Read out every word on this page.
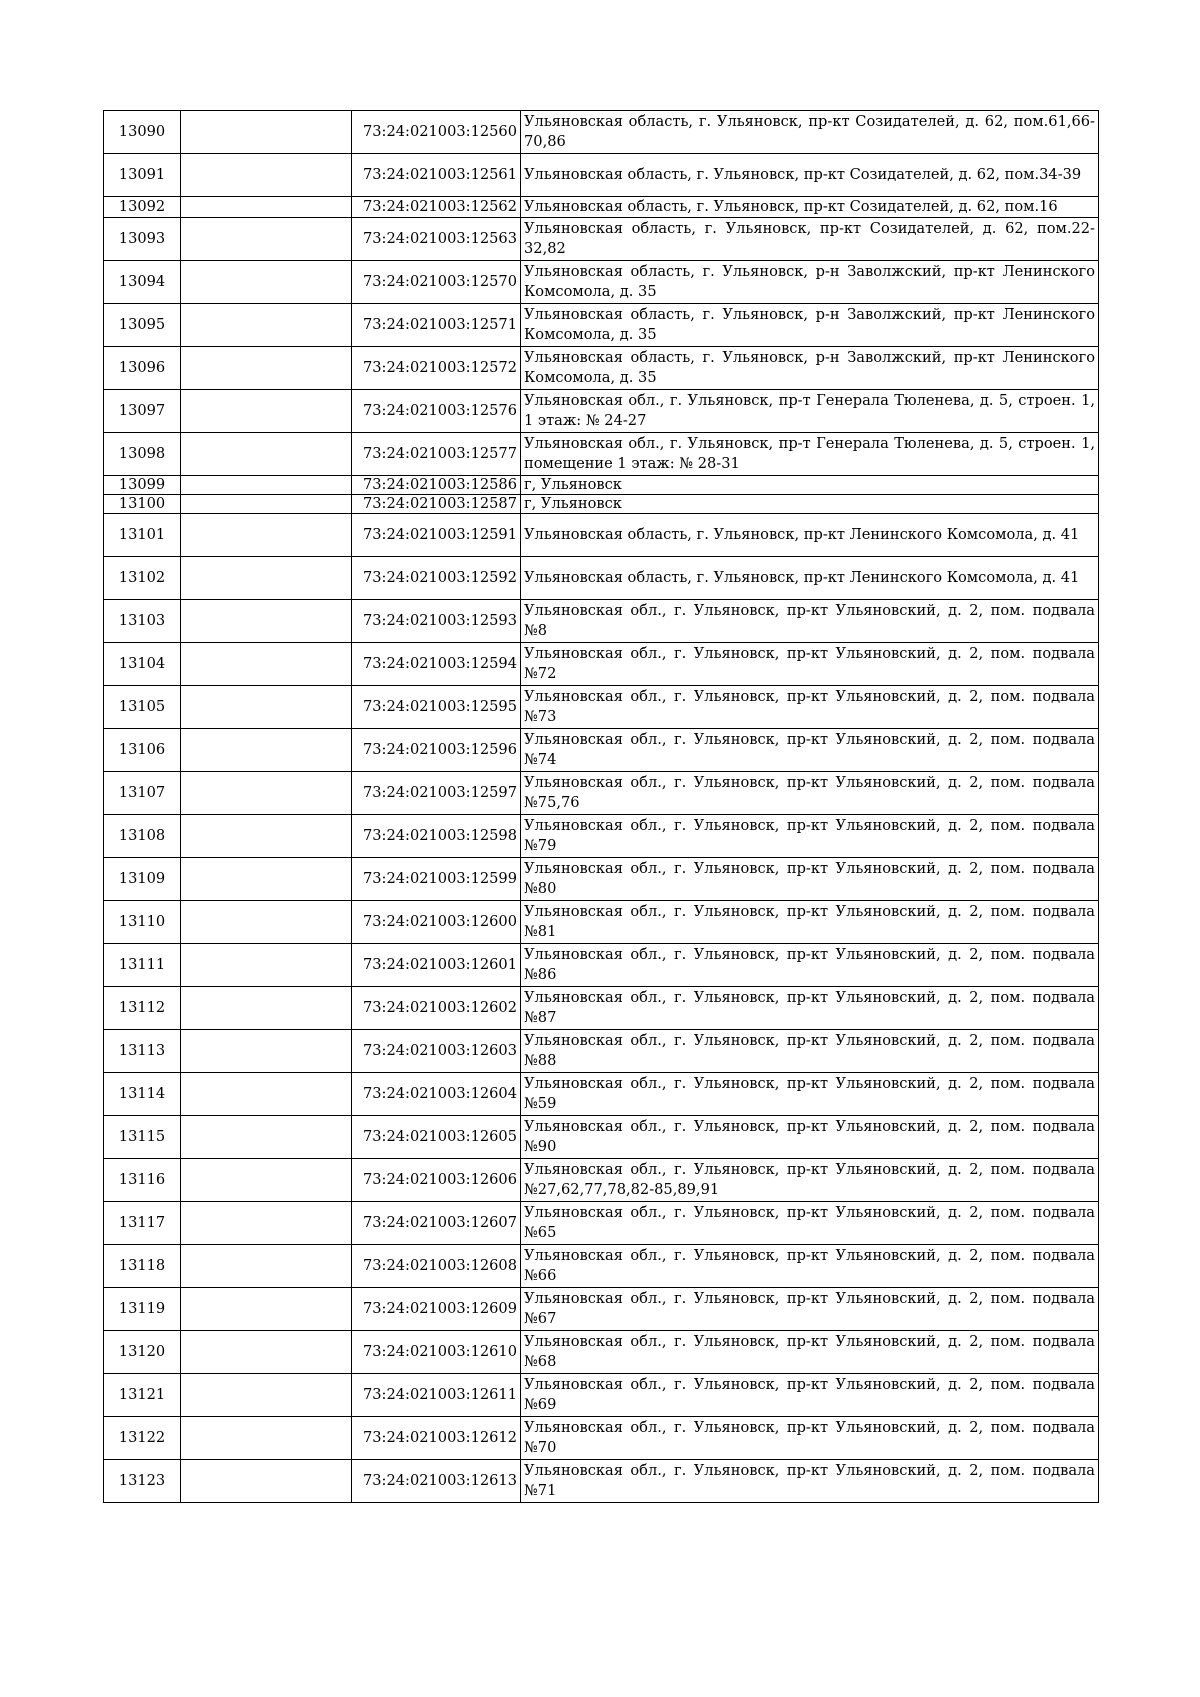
13090		73:24:021003:12560	Ульяновская область, г. Ульяновск, пр-кт Созидателей, д. 62, пом.61,66-70,86
13091		73:24:021003:12561	Ульяновская область, г. Ульяновск, пр-кт Созидателей, д. 62, пом.34-39
13092		73:24:021003:12562	Ульяновская область, г. Ульяновск, пр-кт Созидателей, д. 62, пом.16
13093		73:24:021003:12563	Ульяновская область, г. Ульяновск, пр-кт Созидателей, д. 62, пом.22-32,82
13094		73:24:021003:12570	Ульяновская область, г. Ульяновск, р-н Заволжский, пр-кт Ленинского Комсомола, д. 35
13095		73:24:021003:12571	Ульяновская область, г. Ульяновск, р-н Заволжский, пр-кт Ленинского Комсомола, д. 35
13096		73:24:021003:12572	Ульяновская область, г. Ульяновск, р-н Заволжский, пр-кт Ленинского Комсомола, д. 35
13097		73:24:021003:12576	Ульяновская обл., г. Ульяновск, пр-т Генерала Тюленева, д. 5, строен. 1, 1 этаж: № 24-27
13098		73:24:021003:12577	Ульяновская обл., г. Ульяновск, пр-т Генерала Тюленева, д. 5, строен. 1, помещение 1 этаж: № 28-31
13099		73:24:021003:12586	г, Ульяновск
13100		73:24:021003:12587	г, Ульяновск
13101		73:24:021003:12591	Ульяновская область, г. Ульяновск, пр-кт Ленинского Комсомола, д. 41
13102		73:24:021003:12592	Ульяновская область, г. Ульяновск, пр-кт Ленинского Комсомола, д. 41
13103		73:24:021003:12593	Ульяновская обл., г. Ульяновск, пр-кт Ульяновский, д. 2, пом. подвала №8
13104		73:24:021003:12594	Ульяновская обл., г. Ульяновск, пр-кт Ульяновский, д. 2, пом. подвала №72
13105		73:24:021003:12595	Ульяновская обл., г. Ульяновск, пр-кт Ульяновский, д. 2, пом. подвала №73
13106		73:24:021003:12596	Ульяновская обл., г. Ульяновск, пр-кт Ульяновский, д. 2, пом. подвала №74
13107		73:24:021003:12597	Ульяновская обл., г. Ульяновск, пр-кт Ульяновский, д. 2, пом. подвала №75,76
13108		73:24:021003:12598	Ульяновская обл., г. Ульяновск, пр-кт Ульяновский, д. 2, пом. подвала №79
13109		73:24:021003:12599	Ульяновская обл., г. Ульяновск, пр-кт Ульяновский, д. 2, пом. подвала №80
13110		73:24:021003:12600	Ульяновская обл., г. Ульяновск, пр-кт Ульяновский, д. 2, пом. подвала №81
13111		73:24:021003:12601	Ульяновская обл., г. Ульяновск, пр-кт Ульяновский, д. 2, пом. подвала №86
13112		73:24:021003:12602	Ульяновская обл., г. Ульяновск, пр-кт Ульяновский, д. 2, пом. подвала №87
13113		73:24:021003:12603	Ульяновская обл., г. Ульяновск, пр-кт Ульяновский, д. 2, пом. подвала №88
13114		73:24:021003:12604	Ульяновская обл., г. Ульяновск, пр-кт Ульяновский, д. 2, пом. подвала №59
13115		73:24:021003:12605	Ульяновская обл., г. Ульяновск, пр-кт Ульяновский, д. 2, пом. подвала №90
13116		73:24:021003:12606	Ульяновская обл., г. Ульяновск, пр-кт Ульяновский, д. 2, пом. подвала №27,62,77,78,82-85,89,91
13117		73:24:021003:12607	Ульяновская обл., г. Ульяновск, пр-кт Ульяновский, д. 2, пом. подвала №65
13118		73:24:021003:12608	Ульяновская обл., г. Ульяновск, пр-кт Ульяновский, д. 2, пом. подвала №66
13119		73:24:021003:12609	Ульяновская обл., г. Ульяновск, пр-кт Ульяновский, д. 2, пом. подвала №67
13120		73:24:021003:12610	Ульяновская обл., г. Ульяновск, пр-кт Ульяновский, д. 2, пом. подвала №68
13121		73:24:021003:12611	Ульяновская обл., г. Ульяновск, пр-кт Ульяновский, д. 2, пом. подвала №69
13122		73:24:021003:12612	Ульяновская обл., г. Ульяновск, пр-кт Ульяновский, д. 2, пом. подвала №70
13123		73:24:021003:12613	Ульяновская обл., г. Ульяновск, пр-кт Ульяновский, д. 2, пом. подвала №71
